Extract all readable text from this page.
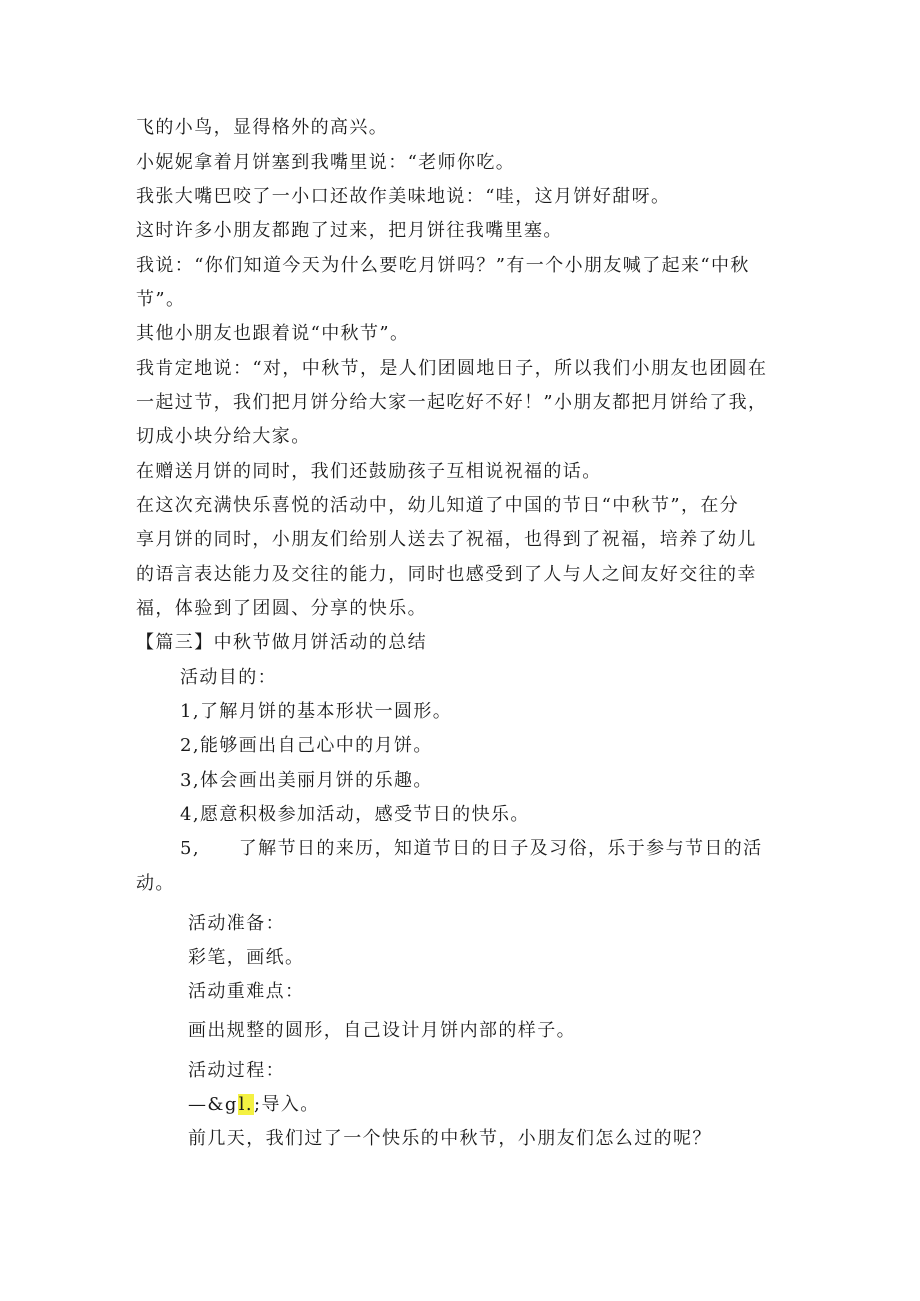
飞的小鸟，显得格外的高兴。
小妮妮拿着月饼塞到我嘴里说：“老师你吃。
我张大嘴巴咬了一小口还故作美味地说：“哇，这月饼好甜呀。
这时许多小朋友都跑了过来，把月饼往我嘴里塞。
我说：“你们知道今天为什么要吃月饼吗？”有一个小朋友喊了起来“中秋
节”。
其他小朋友也跟着说“中秋节”。
我肯定地说：“对，中秋节，是人们团圆地日子，所以我们小朋友也团圆在
一起过节，我们把月饼分给大家一起吃好不好！”小朋友都把月饼给了我，
切成小块分给大家。
在赠送月饼的同时，我们还鼓励孩子互相说祝福的话。
在这次充满快乐喜悦的活动中，幼儿知道了中国的节日“中秋节”，在分
享月饼的同时，小朋友们给别人送去了祝福，也得到了祝福，培养了幼儿
的语言表达能力及交往的能力，同时也感受到了人与人之间友好交往的幸
福，体验到了团圆、分享的快乐。
【篇三】中秋节做月饼活动的总结
活动目的：
1,了解月饼的基本形状一圆形。
2,能够画出自己心中的月饼。
3,体会画出美丽月饼的乐趣。
4,愿意积极参加活动，感受节日的快乐。
5,　　了解节日的来历，知道节日的日子及习俗，乐于参与节日的活
动。
活动准备：
彩笔，画纸。
活动重难点：
画出规整的圆形，自己设计月饼内部的样子。
活动过程：
—&gl.;导入。
前几天，我们过了一个快乐的中秋节，小朋友们怎么过的呢？
